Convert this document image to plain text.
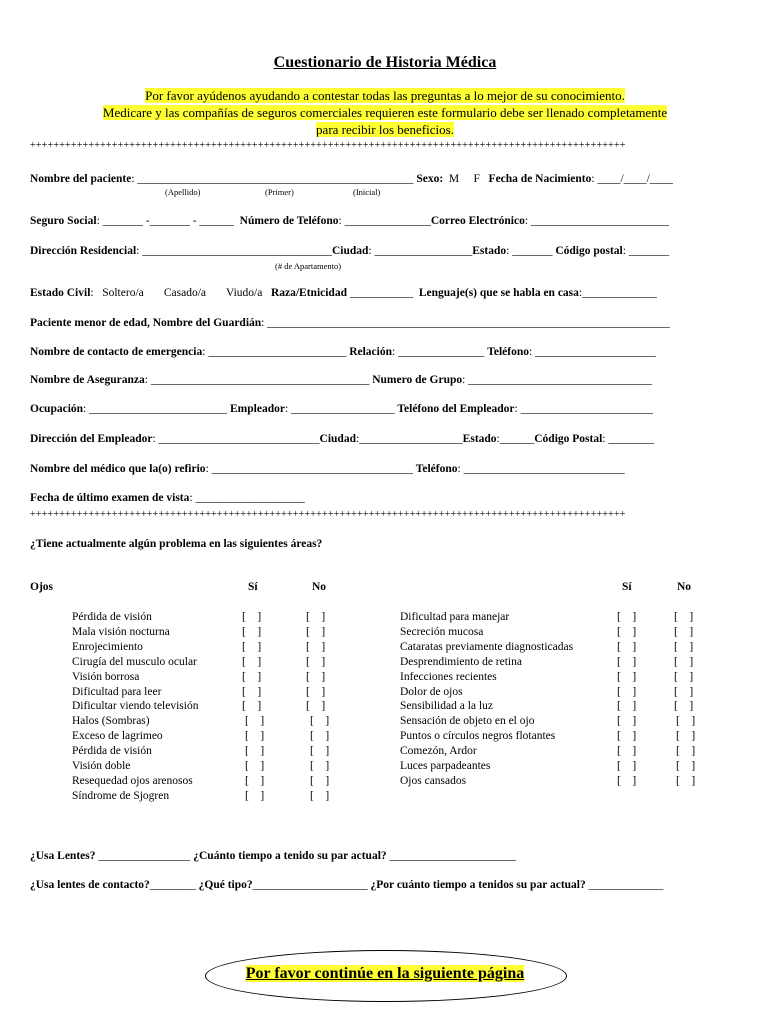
Cuestionario de Historia Médica
Por favor ayúdenos ayudando a contestar todas las preguntas a lo mejor de su conocimiento.
Medicare y las compañías de seguros comerciales requieren este formulario debe ser llenado completamente
para recibir los beneficios.
++++++++++++++++++++++++++++++++++++++++++++++++++++++++++++++++++++++++++++++++++++++++++++++++++++++
Nombre del paciente: ________________________________________________ Sexo: M F Fecha de Nacimiento: ____/____/____
(Apellido)	(Primer)	(Inicial)
Seguro Social: _______ -_______ - ______  Número de Teléfono: _______________Correo Electrónico: ________________________
Dirección Residencial: _________________________________Ciudad: _________________Estado: _______ Código postal: _______
(# de Apartamento)
Estado Civil:   Soltero/a Casado/a Viudo/a Raza/Etnicidad ___________  Lenguaje(s) que se habla en casa:_____________
Paciente menor de edad, Nombre del Guardián: ______________________________________________________________________
Nombre de contacto de emergencia: ________________________ Relación: _______________ Teléfono: _____________________
Nombre de Aseguranza: ______________________________________ Numero de Grupo: ________________________________
Ocupación: ________________________ Empleador: __________________ Teléfono del Empleador: _______________________
Dirección del Empleador: ____________________________Ciudad:__________________Estado:______Código Postal: ________
Nombre del médico que la(o) refirio: ___________________________________ Teléfono: ____________________________
Fecha de último examen de vista: ___________________
++++++++++++++++++++++++++++++++++++++++++++++++++++++++++++++++++++++++++++++++++++++++++++++++++++++
¿Tiene actualmente algún problema en las siguientes áreas?
Ojos	Sí	No	Sí	No
Pérdida de visión	[    ]	[    ]
Mala visión nocturna	[    ]	[    ]
Enrojecimiento	[    ]	[    ]
Cirugía del musculo ocular	[    ]	[    ]
Visión borrosa	[    ]	[    ]
Dificultad para leer	[    ]	[    ]
Dificultar viendo televisión	[    ]	[    ]
Halos (Sombras)	[    ]	[    ]
Exceso de lagrimeo	[    ]	[    ]
Pérdida de visión	[    ]	[    ]
Visión doble	[    ]	[    ]
Resequedad ojos arenosos	[    ]	[    ]
Síndrome de Sjogren	[    ]	[    ]
Dificultad para manejar	[    ]	[    ]
Secreción mucosa	[    ]	[    ]
Cataratas previamente diagnosticadas	[    ]	[    ]
Desprendimiento de retina	[    ]	[    ]
Infecciones recientes	[    ]	[    ]
Dolor de ojos	[    ]	[    ]
Sensibilidad a la luz	[    ]	[    ]
Sensación de objeto en el ojo	[    ]	[    ]
Puntos o círculos negros flotantes	[    ]	[    ]
Comezón, Ardor	[    ]	[    ]
Luces parpadeantes	[    ]	[    ]
Ojos cansados	[    ]	[    ]
¿Usa Lentes? ________________ ¿Cuánto tiempo a tenido su par actual? ______________________
¿Usa lentes de contacto?________ ¿Qué tipo?____________________ ¿Por cuánto tiempo a tenidos su par actual? _____________
Por favor continúe en la siguiente página
